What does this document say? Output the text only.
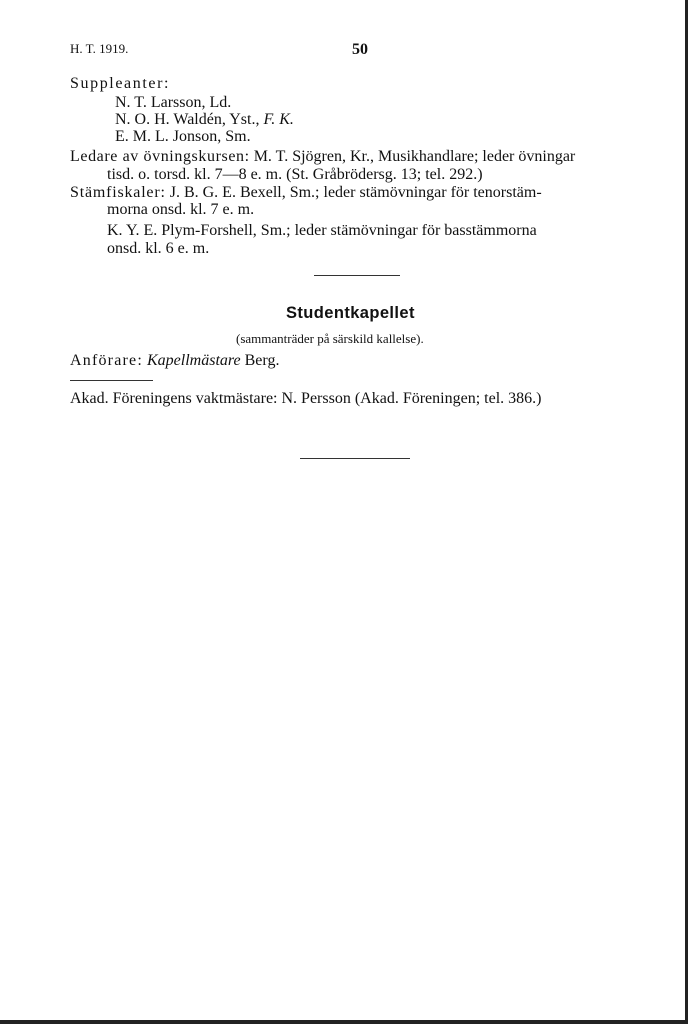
H. T. 1919.	50
Suppleanter:
N. T. Larsson, Ld.
N. O. H. Waldén, Yst., F. K.
E. M. L. Jonson, Sm.
Ledare av övningskursen: M. T. Sjögren, Kr., Musikhandlare; leder övningar
tisd. o. torsd. kl. 7—8 e. m. (St. Gråbrödersg. 13; tel. 292.)
Stämfiskaler: J. B. G. E. Bexell, Sm.; leder stämövningar för tenorstäm-
morna onsd. kl. 7 e. m.
K. Y. E. Plym-Forshell, Sm.; leder stämövningar för basstämmorna
onsd. kl. 6 e. m.
Studentkapellet
(sammanträder på särskild kallelse).
Anförare: Kapellmästare Berg.
Akad. Föreningens vaktmästare: N. Persson (Akad. Föreningen; tel. 386.)
